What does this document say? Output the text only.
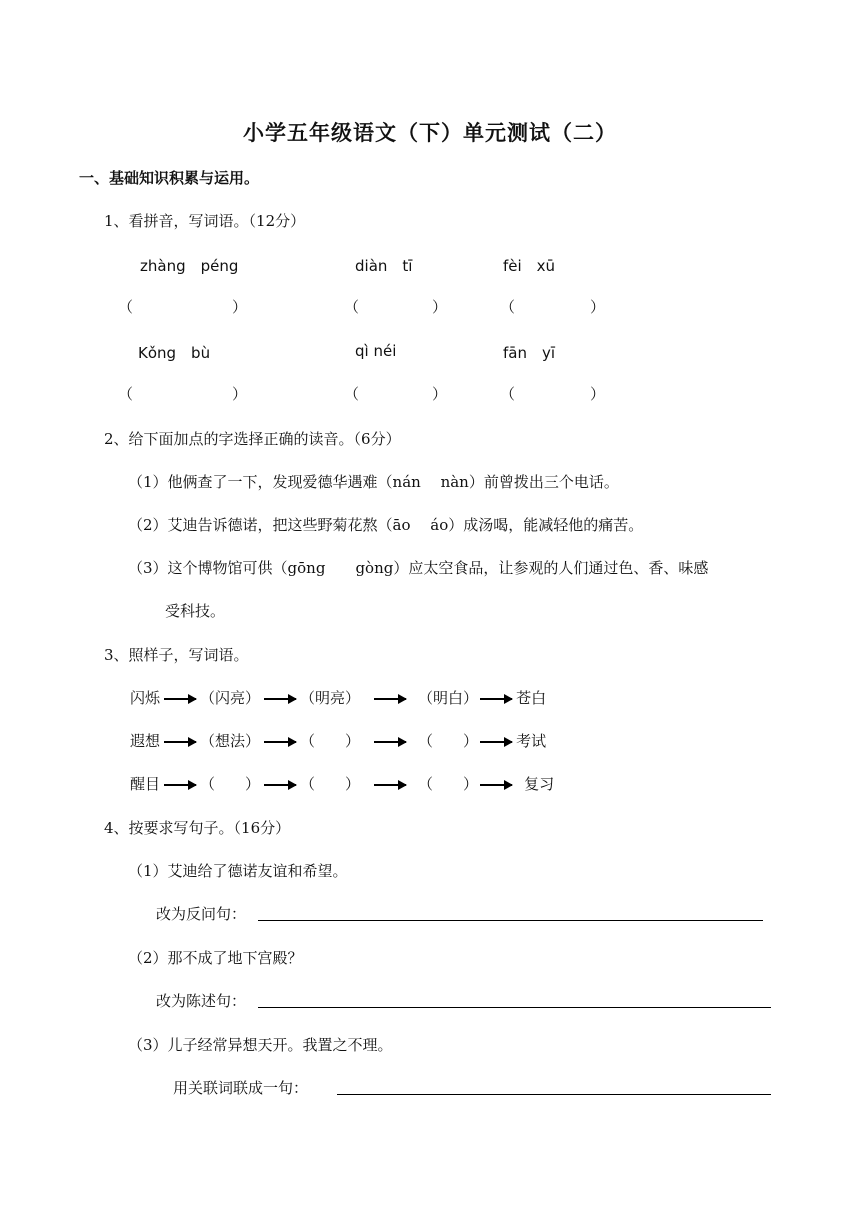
小学五年级语文（下）单元测试（二）
一、基础知识积累与运用。
1、看拼音，写词语。（12分）
zhàng　péng	diàn　tī	fèi　xū
（	）	（	）	（	）
Kǒng　bù	qì néi	fān　yī
（	）	（	）	（	）
2、给下面加点的字选择正确的读音。（6分）
（1）他俩查了一下，发现爱德华遇难（nán　 nàn）前曾拨出三个电话。
（2）艾迪告诉德诺，把这些野菊花熬（āo　 áo）成汤喝，能减轻他的痛苦。
（3）这个博物馆可供（gōng　　gòng）应太空食品，让参观的人们通过色、香、味感
受科技。
3、照样子，写词语。
闪烁	（闪亮）	（明亮）	（明白）	苍白
遐想	（想法）	（　　）	（　　）	考试
醒目	（　　）	（　　）	（　　）	复习
4、按要求写句子。（16分）
（1）艾迪给了德诺友谊和希望。
改为反问句：
（2）那不成了地下宫殿？
改为陈述句：
（3）儿子经常异想天开。我置之不理。
用关联词联成一句：
